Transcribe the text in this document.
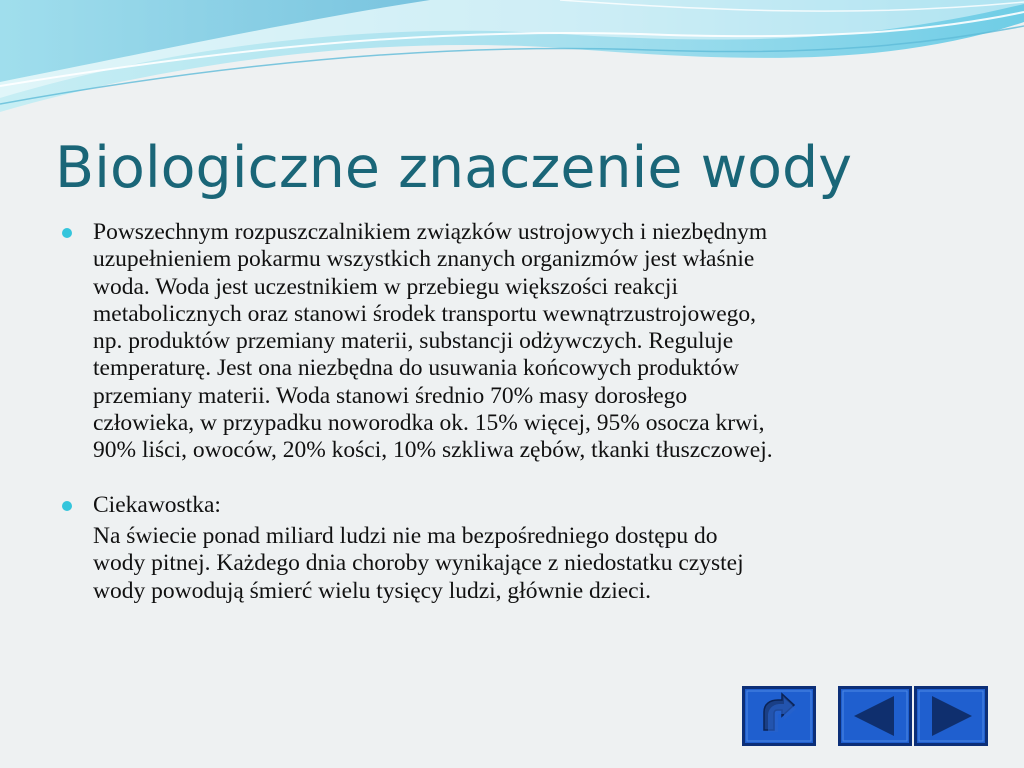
Biologiczne znaczenie wody

Powszechnym rozpuszczalnikiem związków ustrojowych i niezbędnym
uzupełnieniem pokarmu wszystkich znanych organizmów jest właśnie
woda. Woda jest uczestnikiem w przebiegu większości reakcji
metabolicznych oraz stanowi środek transportu wewnątrzustrojowego,
np. produktów przemiany materii, substancji odżywczych. Reguluje
temperaturę. Jest ona niezbędna do usuwania końcowych produktów
przemiany materii. Woda stanowi średnio 70% masy dorosłego
człowieka, w przypadku noworodka ok. 15% więcej, 95% osocza krwi,
90% liści, owoców, 20% kości, 10% szkliwa zębów, tkanki tłuszczowej.

Ciekawostka:

Na świecie ponad miliard ludzi nie ma bezpośredniego dostępu do
wody pitnej. Każdego dnia choroby wynikające z niedostatku czystej
wody powodują śmierć wielu tysięcy ludzi, głównie dzieci.
